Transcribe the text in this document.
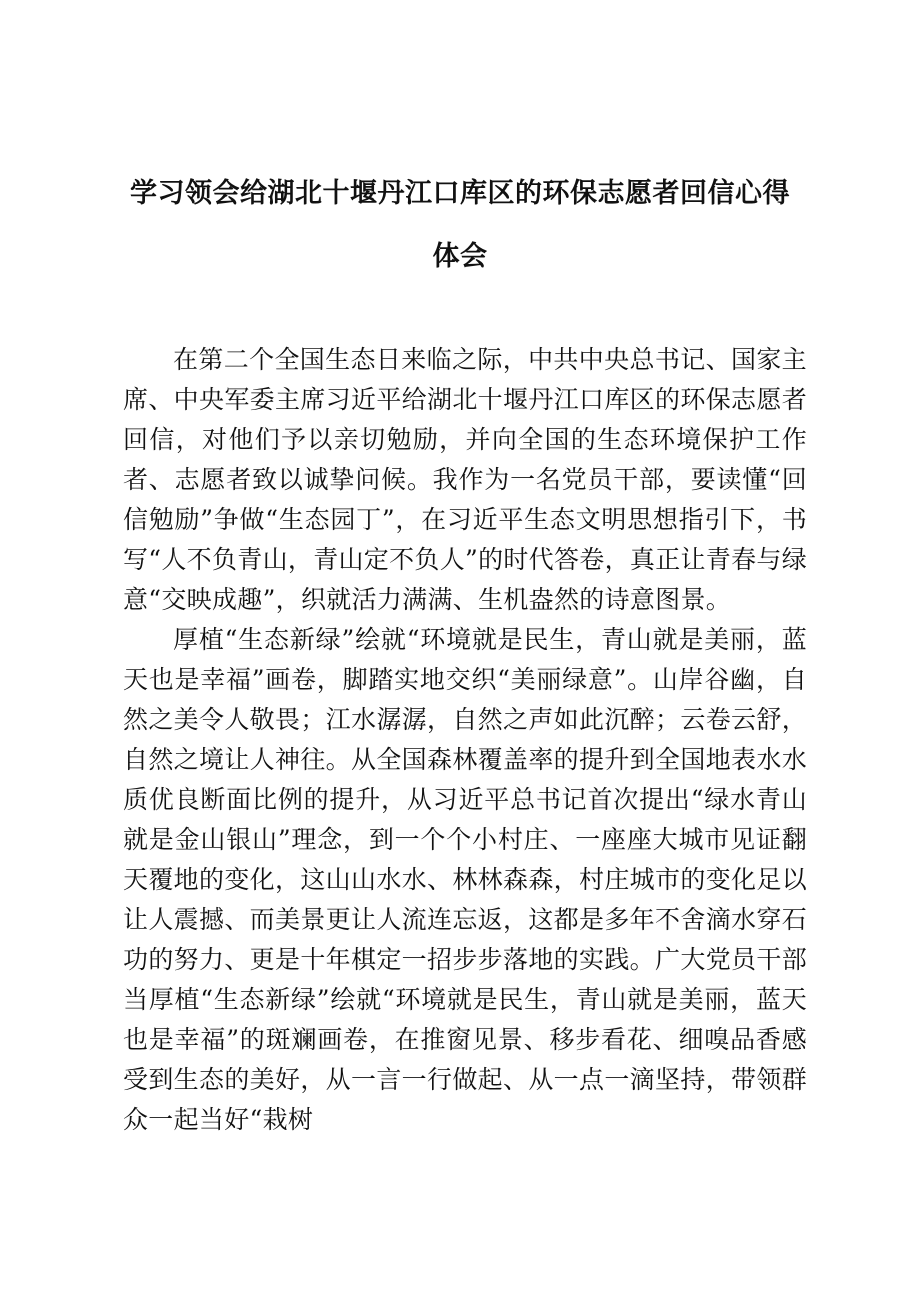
学习领会给湖北十堰丹江口库区的环保志愿者回信心得
体会

在第二个全国生态日来临之际，中共中央总书记、国家主席、中央军委主席习近平给湖北十堰丹江口库区的环保志愿者回信，对他们予以亲切勉励，并向全国的生态环境保护工作者、志愿者致以诚挚问候。我作为一名党员干部，要读懂“回信勉励”争做“生态园丁”，在习近平生态文明思想指引下，书写“人不负青山，青山定不负人”的时代答卷，真正让青春与绿意“交映成趣”，织就活力满满、生机盎然的诗意图景。

厚植“生态新绿”绘就“环境就是民生，青山就是美丽，蓝天也是幸福”画卷，脚踏实地交织“美丽绿意”。山岸谷幽，自然之美令人敬畏；江水潺潺，自然之声如此沉醉；云卷云舒，自然之境让人神往。从全国森林覆盖率的提升到全国地表水水质优良断面比例的提升，从习近平总书记首次提出“绿水青山就是金山银山”理念，到一个个小村庄、一座座大城市见证翻天覆地的变化，这山山水水、林林森森，村庄城市的变化足以让人震撼、而美景更让人流连忘返，这都是多年不舍滴水穿石功的努力、更是十年棋定一招步步落地的实践。广大党员干部当厚植“生态新绿”绘就“环境就是民生，青山就是美丽，蓝天也是幸福”的斑斓画卷，在推窗见景、移步看花、细嗅品香感受到生态的美好，从一言一行做起、从一点一滴坚持，带领群众一起当好“栽树
